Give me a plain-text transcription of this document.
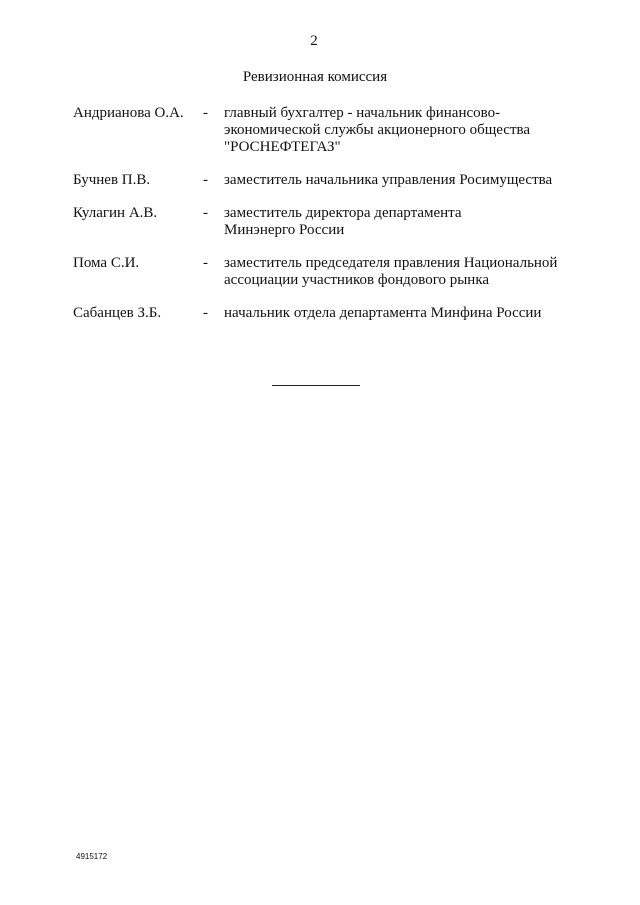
2
Ревизионная комиссия
Андрианова О.А.	-	главный бухгалтер - начальник финансово-
экономической службы акционерного общества
"РОСНЕФТЕГАЗ"
Бучнев П.В.	-	заместитель начальника управления Росимущества
Кулагин А.В.	-	заместитель директора департамента
Минэнерго России
Пома С.И.	-	заместитель председателя правления Национальной
ассоциации участников фондового рынка
Сабанцев З.Б.	-	начальник отдела департамента Минфина России
4915172
